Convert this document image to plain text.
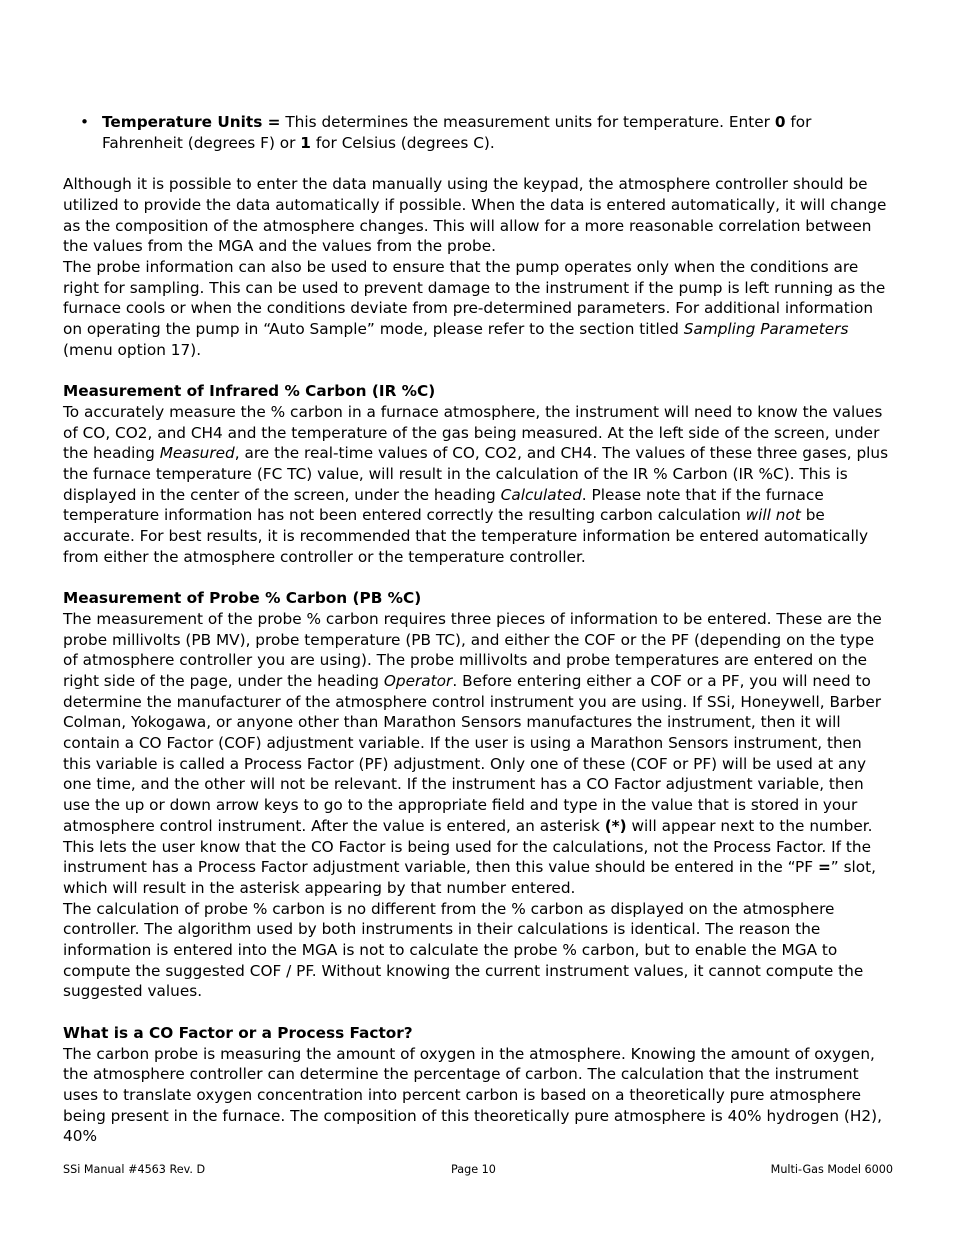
• Temperature Units = This determines the measurement units for temperature. Enter 0 for Fahrenheit (degrees F) or 1 for Celsius (degrees C).

Although it is possible to enter the data manually using the keypad, the atmosphere controller should be utilized to provide the data automatically if possible. When the data is entered automatically, it will change as the composition of the atmosphere changes. This will allow for a more reasonable correlation between the values from the MGA and the values from the probe.

The probe information can also be used to ensure that the pump operates only when the conditions are right for sampling. This can be used to prevent damage to the instrument if the pump is left running as the furnace cools or when the conditions deviate from pre-determined parameters. For additional information on operating the pump in “Auto Sample” mode, please refer to the section titled Sampling Parameters (menu option 17).

Measurement of Infrared % Carbon (IR %C)

To accurately measure the % carbon in a furnace atmosphere, the instrument will need to know the values of CO, CO2, and CH4 and the temperature of the gas being measured. At the left side of the screen, under the heading Measured, are the real-time values of CO, CO2, and CH4. The values of these three gases, plus the furnace temperature (FC TC) value, will result in the calculation of the IR % Carbon (IR %C). This is displayed in the center of the screen, under the heading Calculated. Please note that if the furnace temperature information has not been entered correctly the resulting carbon calculation will not be accurate. For best results, it is recommended that the temperature information be entered automatically from either the atmosphere controller or the temperature controller.

Measurement of Probe % Carbon (PB %C)

The measurement of the probe % carbon requires three pieces of information to be entered. These are the probe millivolts (PB MV), probe temperature (PB TC), and either the COF or the PF (depending on the type of atmosphere controller you are using). The probe millivolts and probe temperatures are entered on the right side of the page, under the heading Operator. Before entering either a COF or a PF, you will need to determine the manufacturer of the atmosphere control instrument you are using. If SSi, Honeywell, Barber Colman, Yokogawa, or anyone other than Marathon Sensors manufactures the instrument, then it will contain a CO Factor (COF) adjustment variable. If the user is using a Marathon Sensors instrument, then this variable is called a Process Factor (PF) adjustment. Only one of these (COF or PF) will be used at any one time, and the other will not be relevant. If the instrument has a CO Factor adjustment variable, then use the up or down arrow keys to go to the appropriate field and type in the value that is stored in your atmosphere control instrument. After the value is entered, an asterisk (*) will appear next to the number. This lets the user know that the CO Factor is being used for the calculations, not the Process Factor. If the instrument has a Process Factor adjustment variable, then this value should be entered in the “PF =” slot, which will result in the asterisk appearing by that number entered.

The calculation of probe % carbon is no different from the % carbon as displayed on the atmosphere controller. The algorithm used by both instruments in their calculations is identical. The reason the information is entered into the MGA is not to calculate the probe % carbon, but to enable the MGA to compute the suggested COF / PF. Without knowing the current instrument values, it cannot compute the suggested values.

What is a CO Factor or a Process Factor?

The carbon probe is measuring the amount of oxygen in the atmosphere. Knowing the amount of oxygen, the atmosphere controller can determine the percentage of carbon. The calculation that the instrument uses to translate oxygen concentration into percent carbon is based on a theoretically pure atmosphere being present in the furnace. The composition of this theoretically pure atmosphere is 40% hydrogen (H2), 40%

SSi Manual #4563 Rev. D	Page 10	Multi-Gas Model 6000
